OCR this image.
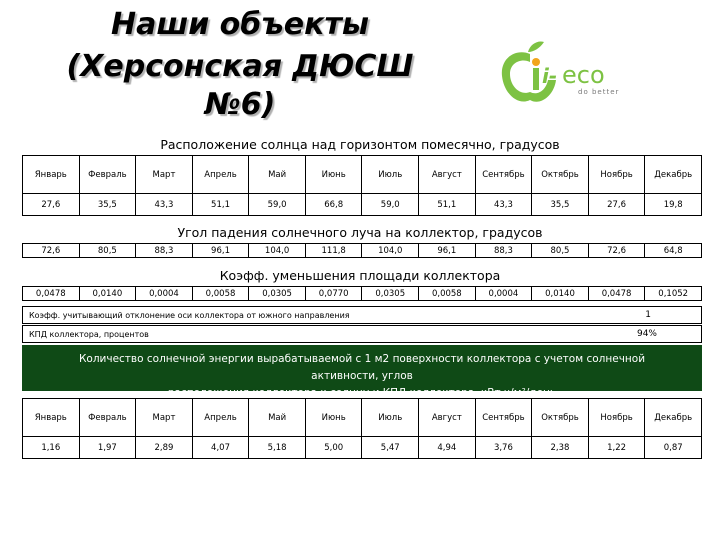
Наши объекты
(Херсонская ДЮСШ №6)
i- eco
do better
Расположение солнца над горизонтом помесячно, градусов
Январь	Февраль	Март	Апрель	Май	Июнь	Июль	Август	Сентябрь	Октябрь	Ноябрь	Декабрь
27,6	35,5	43,3	51,1	59,0	66,8	59,0	51,1	43,3	35,5	27,6	19,8
Угол падения солнечного луча на коллектор, градусов
72,6	80,5	88,3	96,1	104,0	111,8	104,0	96,1	88,3	80,5	72,6	64,8
Коэфф. уменьшения площади коллектора
0,0478	0,0140	0,0004	0,0058	0,0305	0,0770	0,0305	0,0058	0,0004	0,0140	0,0478	0,1052
Коэфф. учитывающий отклонение оси коллектора от южного направления	1
КПД коллектора, процентов	94%
Количество солнечной энергии вырабатываемой с 1 м2 поверхности коллектора с учетом солнечной активности, углов
расположения коллектора к солнцу и КПД коллектора, кВт·ч/м²/день
Январь	Февраль	Март	Апрель	Май	Июнь	Июль	Август	Сентябрь	Октябрь	Ноябрь	Декабрь
1,16	1,97	2,89	4,07	5,18	5,00	5,47	4,94	3,76	2,38	1,22	0,87
